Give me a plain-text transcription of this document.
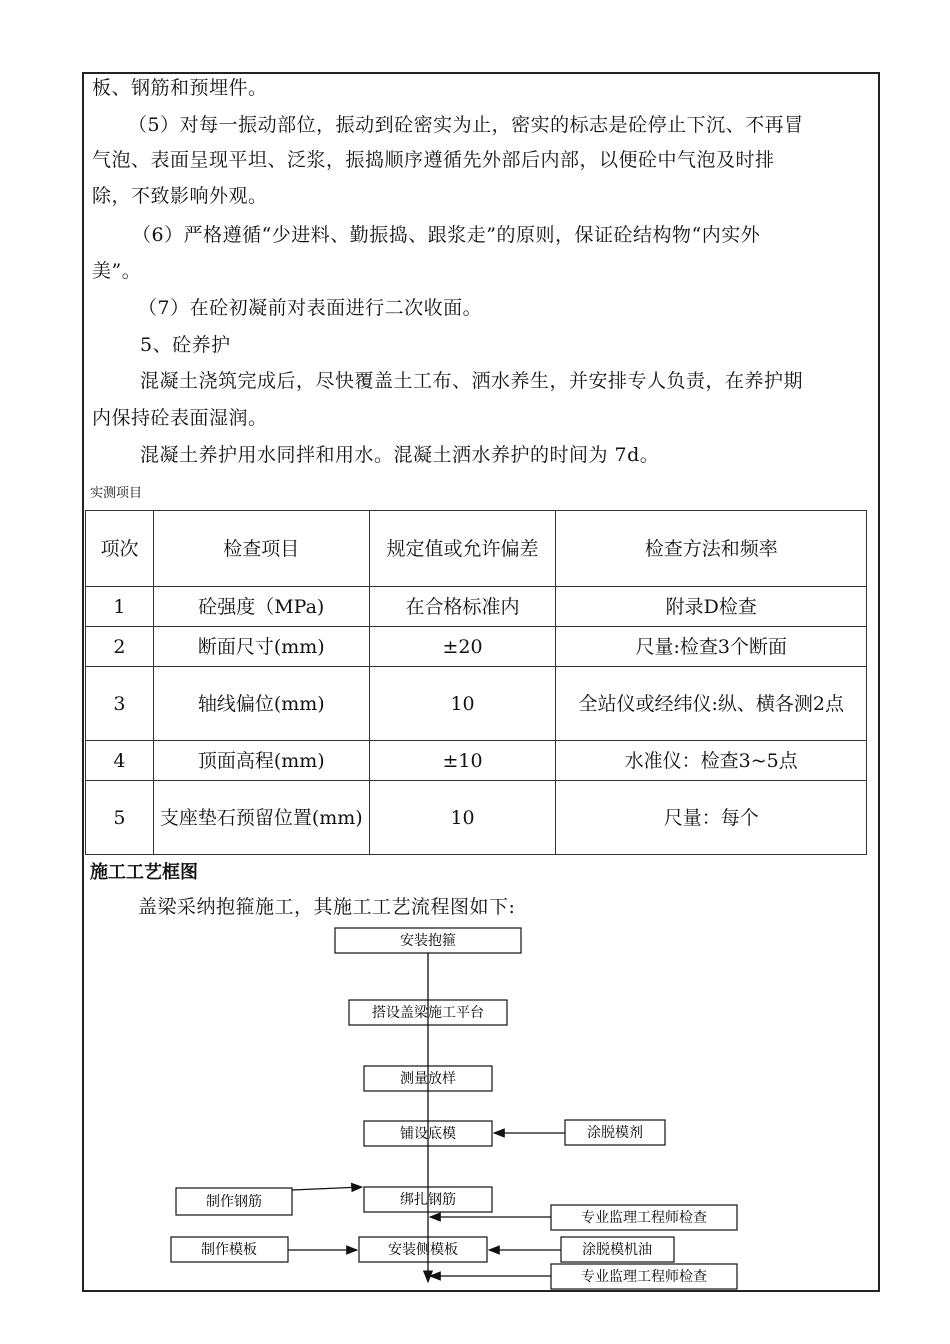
板、钢筋和预埋件。
（5）对每一振动部位，振动到砼密实为止，密实的标志是砼停止下沉、不再冒
气泡、表面呈现平坦、泛浆，振捣顺序遵循先外部后内部，以便砼中气泡及时排
除，不致影响外观。
（6）严格遵循“少进料、勤振捣、跟浆走”的原则，保证砼结构物“内实外
美”。
（7）在砼初凝前对表面进行二次收面。
5、砼养护
混凝土浇筑完成后，尽快覆盖土工布、洒水养生，并安排专人负责，在养护期
内保持砼表面湿润。
混凝土养护用水同拌和用水。混凝土洒水养护的时间为 7d。
实测项目
项次	检查项目	规定值或允许偏差	检查方法和频率
1	砼强度（MPa)	在合格标准内	附录D检查
2	断面尺寸(mm)	±20	尺量:检查3个断面
3	轴线偏位(mm)	10	全站仪或经纬仪:纵、横各测2点
4	顶面高程(mm)	±10	水准仪：检查3~5点
5	支座垫石预留位置(mm)	10	尺量：每个
施工工艺框图
盖梁采纳抱箍施工，其施工工艺流程图如下:
安装抱箍
搭设盖梁施工平台
测量放样
铺设底模
绑扎钢筋
安装侧模板
涂脱模剂
制作钢筋
专业监理工程师检查
制作模板	涂脱模机油
专业监理工程师检查
